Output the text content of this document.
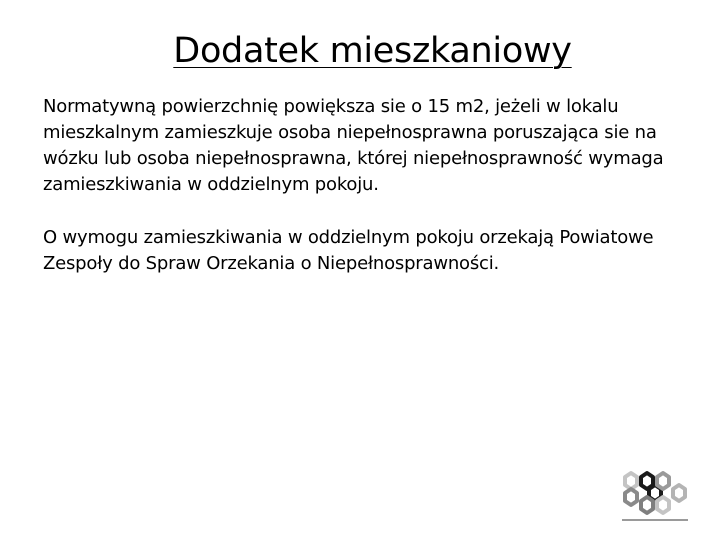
Dodatek mieszkaniowy

Normatywną powierzchnię powiększa sie o 15 m2, jeżeli w lokalu mieszkalnym zamieszkuje osoba niepełnosprawna poruszająca sie na wózku lub osoba niepełnosprawna, której niepełnosprawność wymaga zamieszkiwania w oddzielnym pokoju.

O wymogu zamieszkiwania w oddzielnym pokoju orzekają Powiatowe Zespoły do Spraw Orzekania o Niepełnosprawności.
